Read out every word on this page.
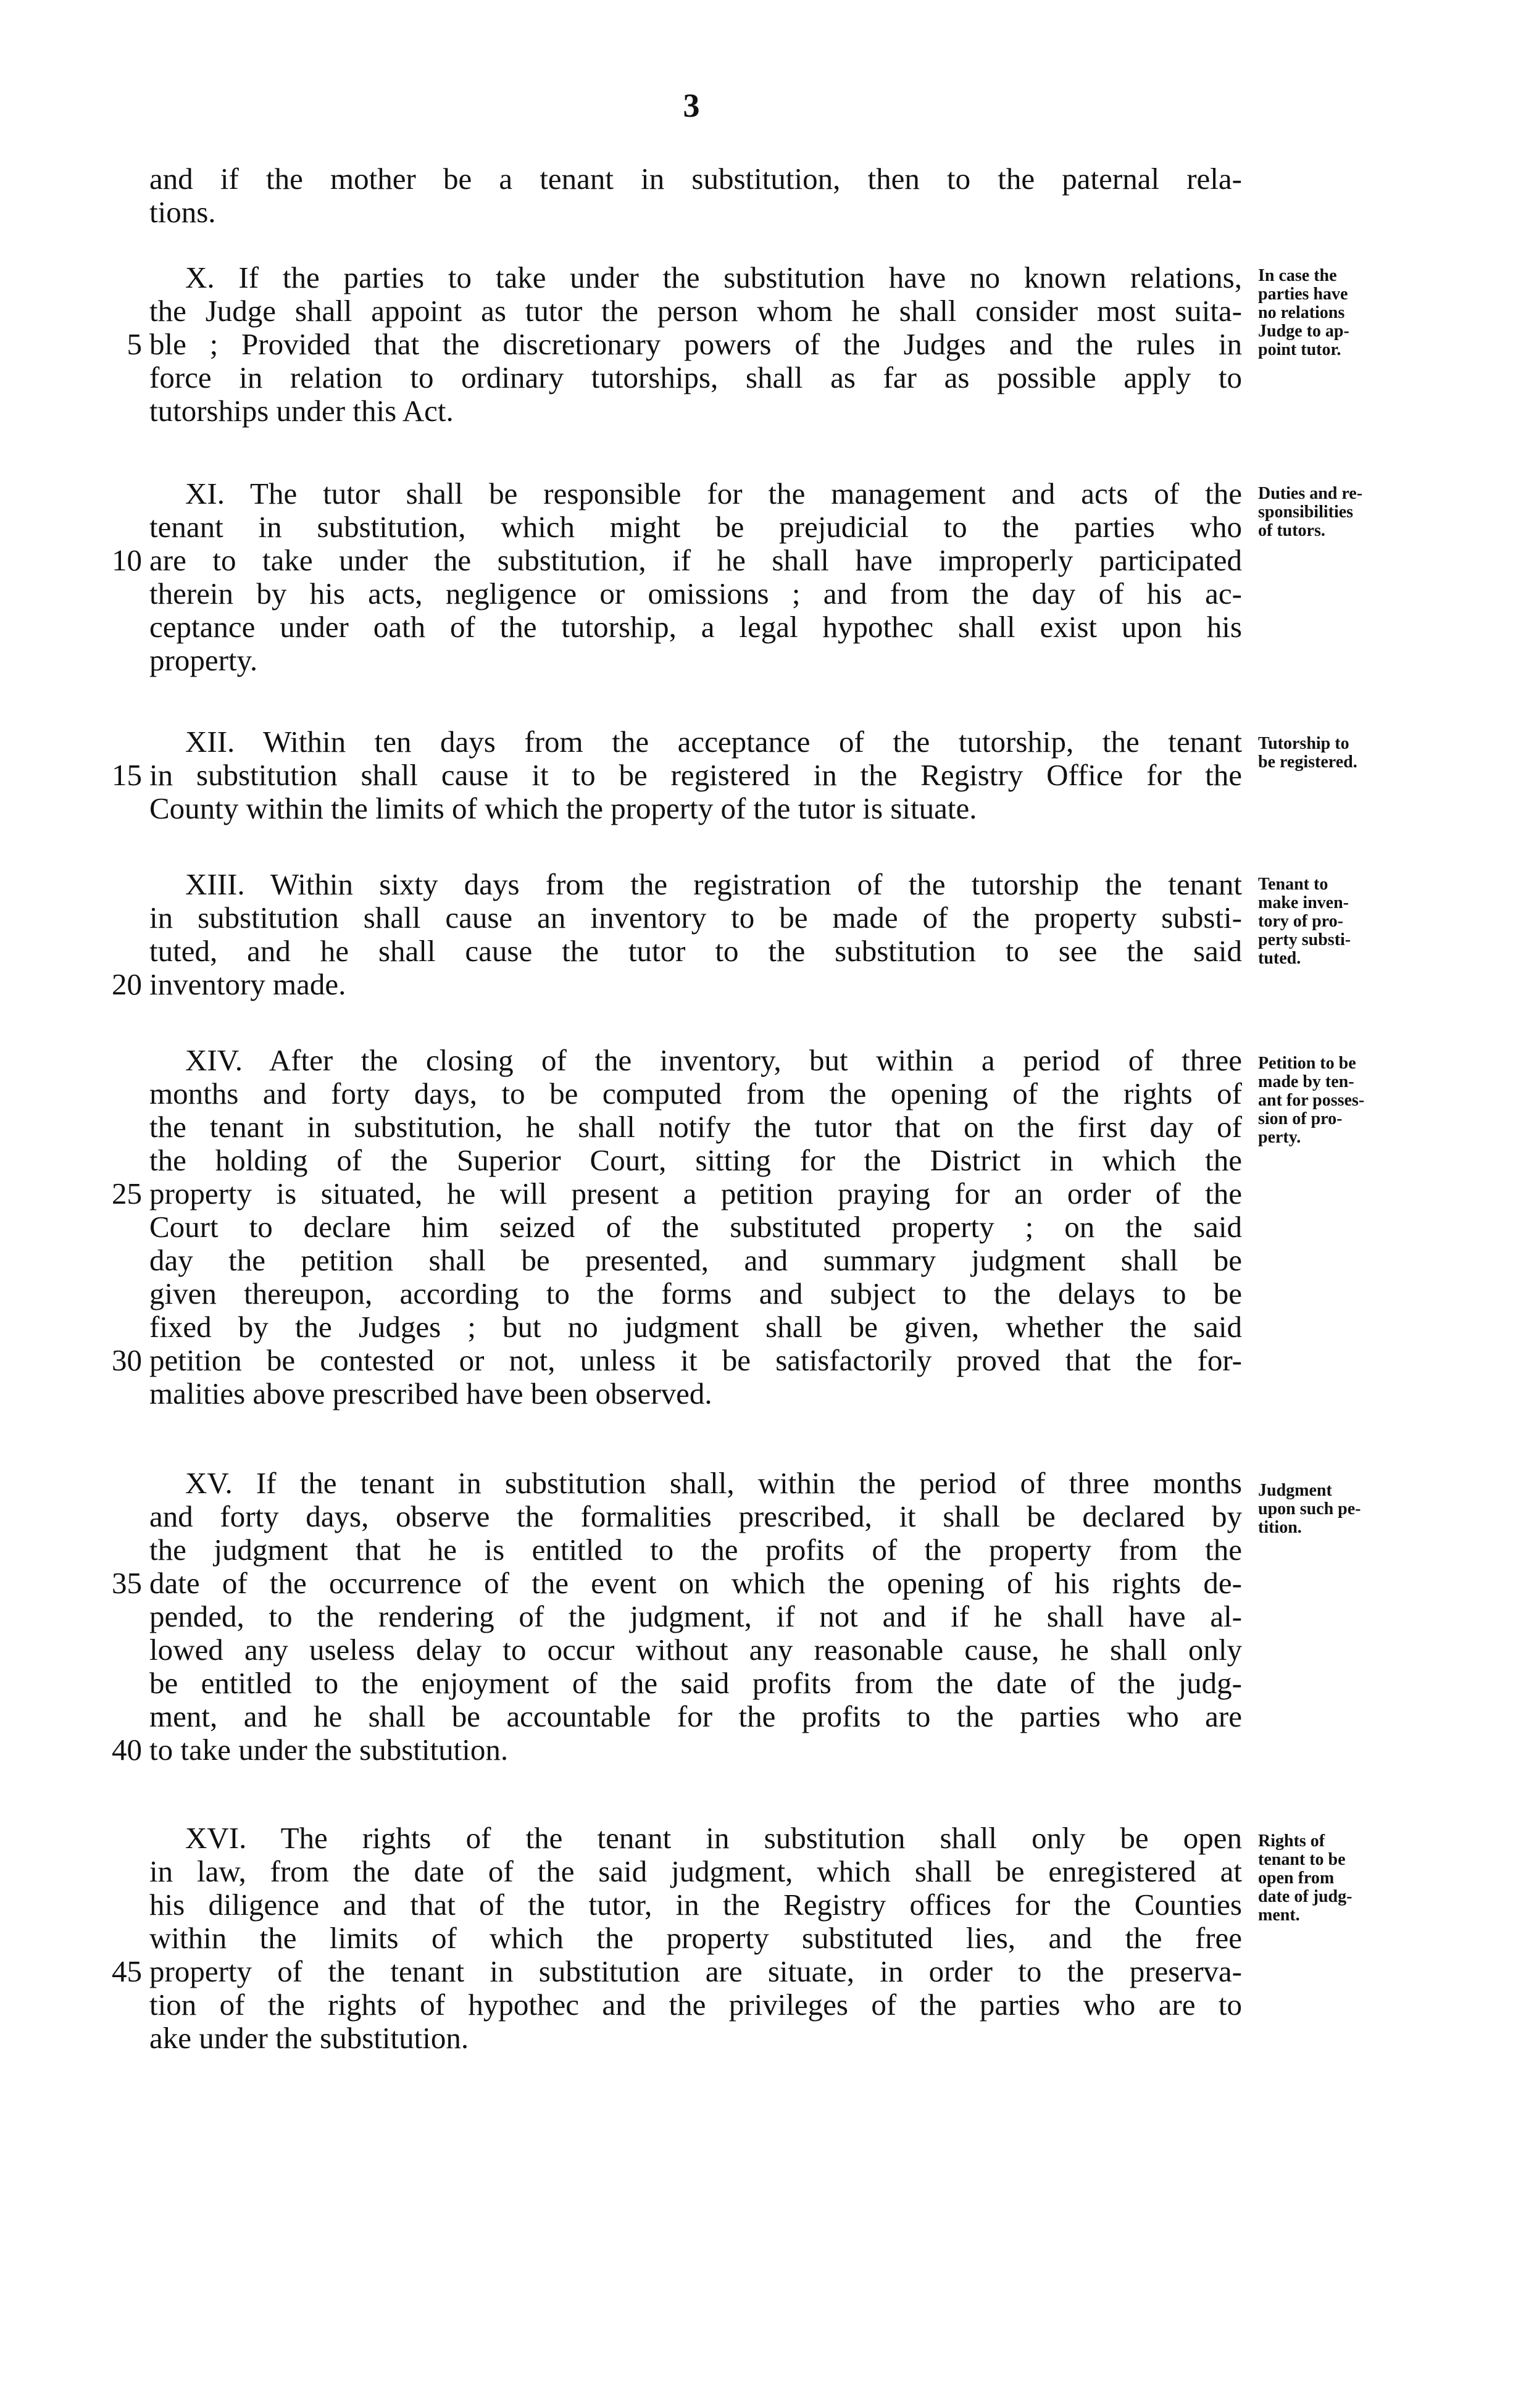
3
and if the mother be a tenant in substitution, then to the paternal rela-
tions.
X. If the parties to take under the substitution have no known relations,
the Judge shall appoint as tutor the person whom he shall consider most suita-
ble ; Provided that the discretionary powers of the Judges and the rules in
force in relation to ordinary tutorships, shall as far as possible apply to
tutorships under this Act.
In case the
parties have
no relations
Judge to ap-
point tutor.
XI. The tutor shall be responsible for the management and acts of the
tenant in substitution, which might be prejudicial to the parties who
are to take under the substitution, if he shall have improperly participated
therein by his acts, negligence or omissions ; and from the day of his ac-
ceptance under oath of the tutorship, a legal hypothec shall exist upon his
property.
Duties and re-
sponsibilities
of tutors.
XII. Within ten days from the acceptance of the tutorship, the tenant
in substitution shall cause it to be registered in the Registry Office for the
County within the limits of which the property of the tutor is situate.
Tutorship to
be registered.
XIII. Within sixty days from the registration of the tutorship the tenant
in substitution shall cause an inventory to be made of the property substi-
tuted, and he shall cause the tutor to the substitution to see the said
inventory made.
Tenant to
make inven-
tory of pro-
perty substi-
tuted.
XIV. After the closing of the inventory, but within a period of three
months and forty days, to be computed from the opening of the rights of
the tenant in substitution, he shall notify the tutor that on the first day of
the holding of the Superior Court, sitting for the District in which the
property is situated, he will present a petition praying for an order of the
Court to declare him seized of the substituted property ; on the said
day the petition shall be presented, and summary judgment shall be
given thereupon, according to the forms and subject to the delays to be
fixed by the Judges ; but no judgment shall be given, whether the said
petition be contested or not, unless it be satisfactorily proved that the for-
malities above prescribed have been observed.
Petition to be
made by ten-
ant for posses-
sion of pro-
perty.
XV. If the tenant in substitution shall, within the period of three months
and forty days, observe the formalities prescribed, it shall be declared by
the judgment that he is entitled to the profits of the property from the
date of the occurrence of the event on which the opening of his rights de-
pended, to the rendering of the judgment, if not and if he shall have al-
lowed any useless delay to occur without any reasonable cause, he shall only
be entitled to the enjoyment of the said profits from the date of the judg-
ment, and he shall be accountable for the profits to the parties who are
to take under the substitution.
Judgment
upon such pe-
tition.
XVI. The rights of the tenant in substitution shall only be open
in law, from the date of the said judgment, which shall be enregistered at
his diligence and that of the tutor, in the Registry offices for the Counties
within the limits of which the property substituted lies, and the free
property of the tenant in substitution are situate, in order to the preserva-
tion of the rights of hypothec and the privileges of the parties who are to
ake under the substitution.
Rights of
tenant to be
open from
date of judg-
ment.
5
10
15
20
25
30
35
40
45
